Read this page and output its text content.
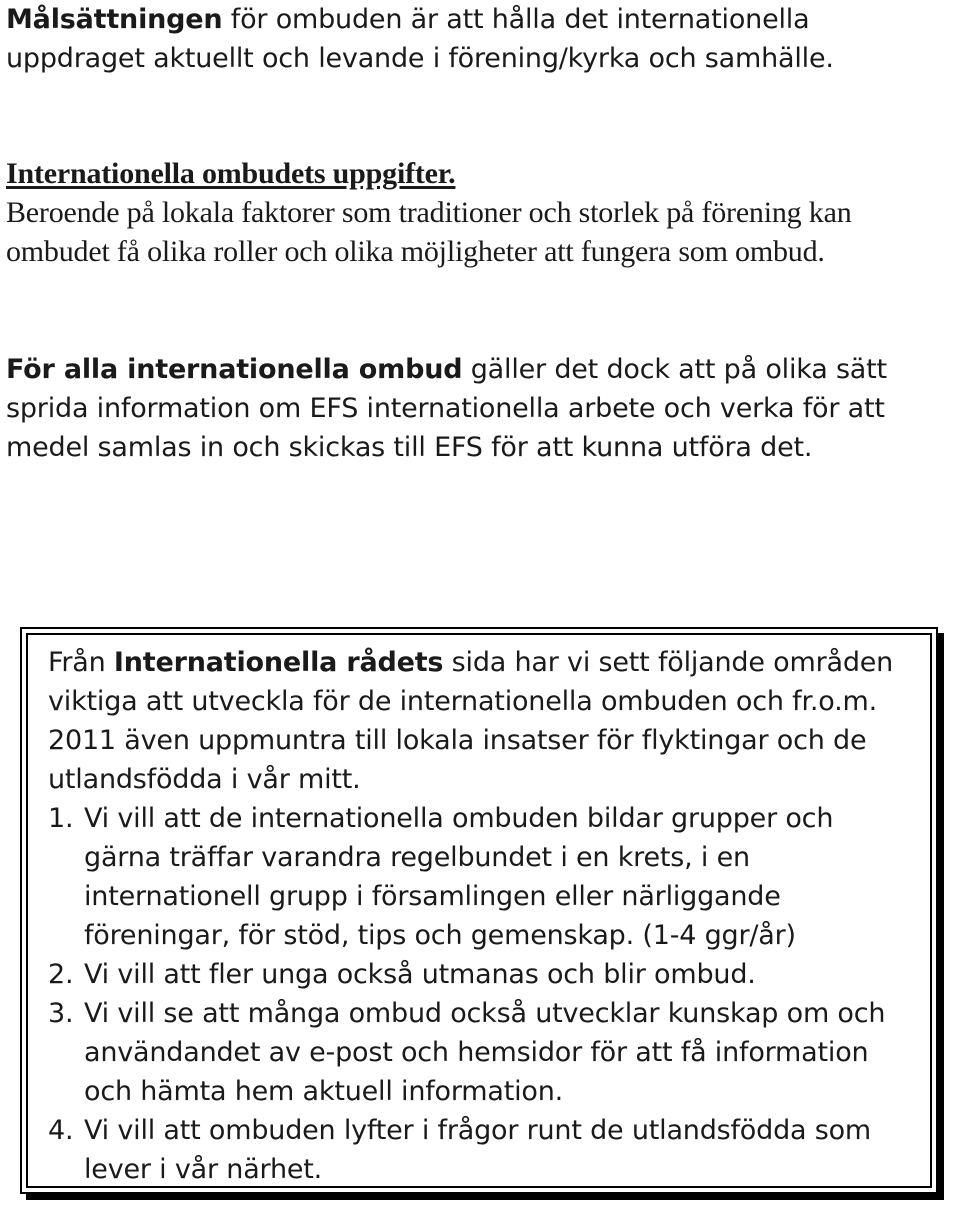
Målsättningen för ombuden är att hålla det internationella uppdraget aktuellt och levande i förening/kyrka och samhälle.

Internationella ombudets uppgifter.

Beroende på lokala faktorer som traditioner och storlek på förening kan ombudet få olika roller och olika möjligheter att fungera som ombud.

För alla internationella ombud gäller det dock att på olika sätt sprida information om EFS internationella arbete och verka för att medel samlas in och skickas till EFS för att kunna utföra det.

Från Internationella rådets sida har vi sett följande områden viktiga att utveckla för de internationella ombuden och fr.o.m. 2011 även uppmuntra till lokala insatser för flyktingar och de utlandsfödda i vår mitt.

1. Vi vill att de internationella ombuden bildar grupper och gärna träffar varandra regelbundet i en krets, i en internationell grupp i församlingen eller närliggande föreningar, för stöd, tips och gemenskap. (1-4 ggr/år)
2. Vi vill att fler unga också utmanas och blir ombud.
3. Vi vill se att många ombud också utvecklar kunskap om och användandet av e-post och hemsidor för att få information och hämta hem aktuell information.
4. Vi vill att ombuden lyfter i frågor runt de utlandsfödda som lever i vår närhet.
